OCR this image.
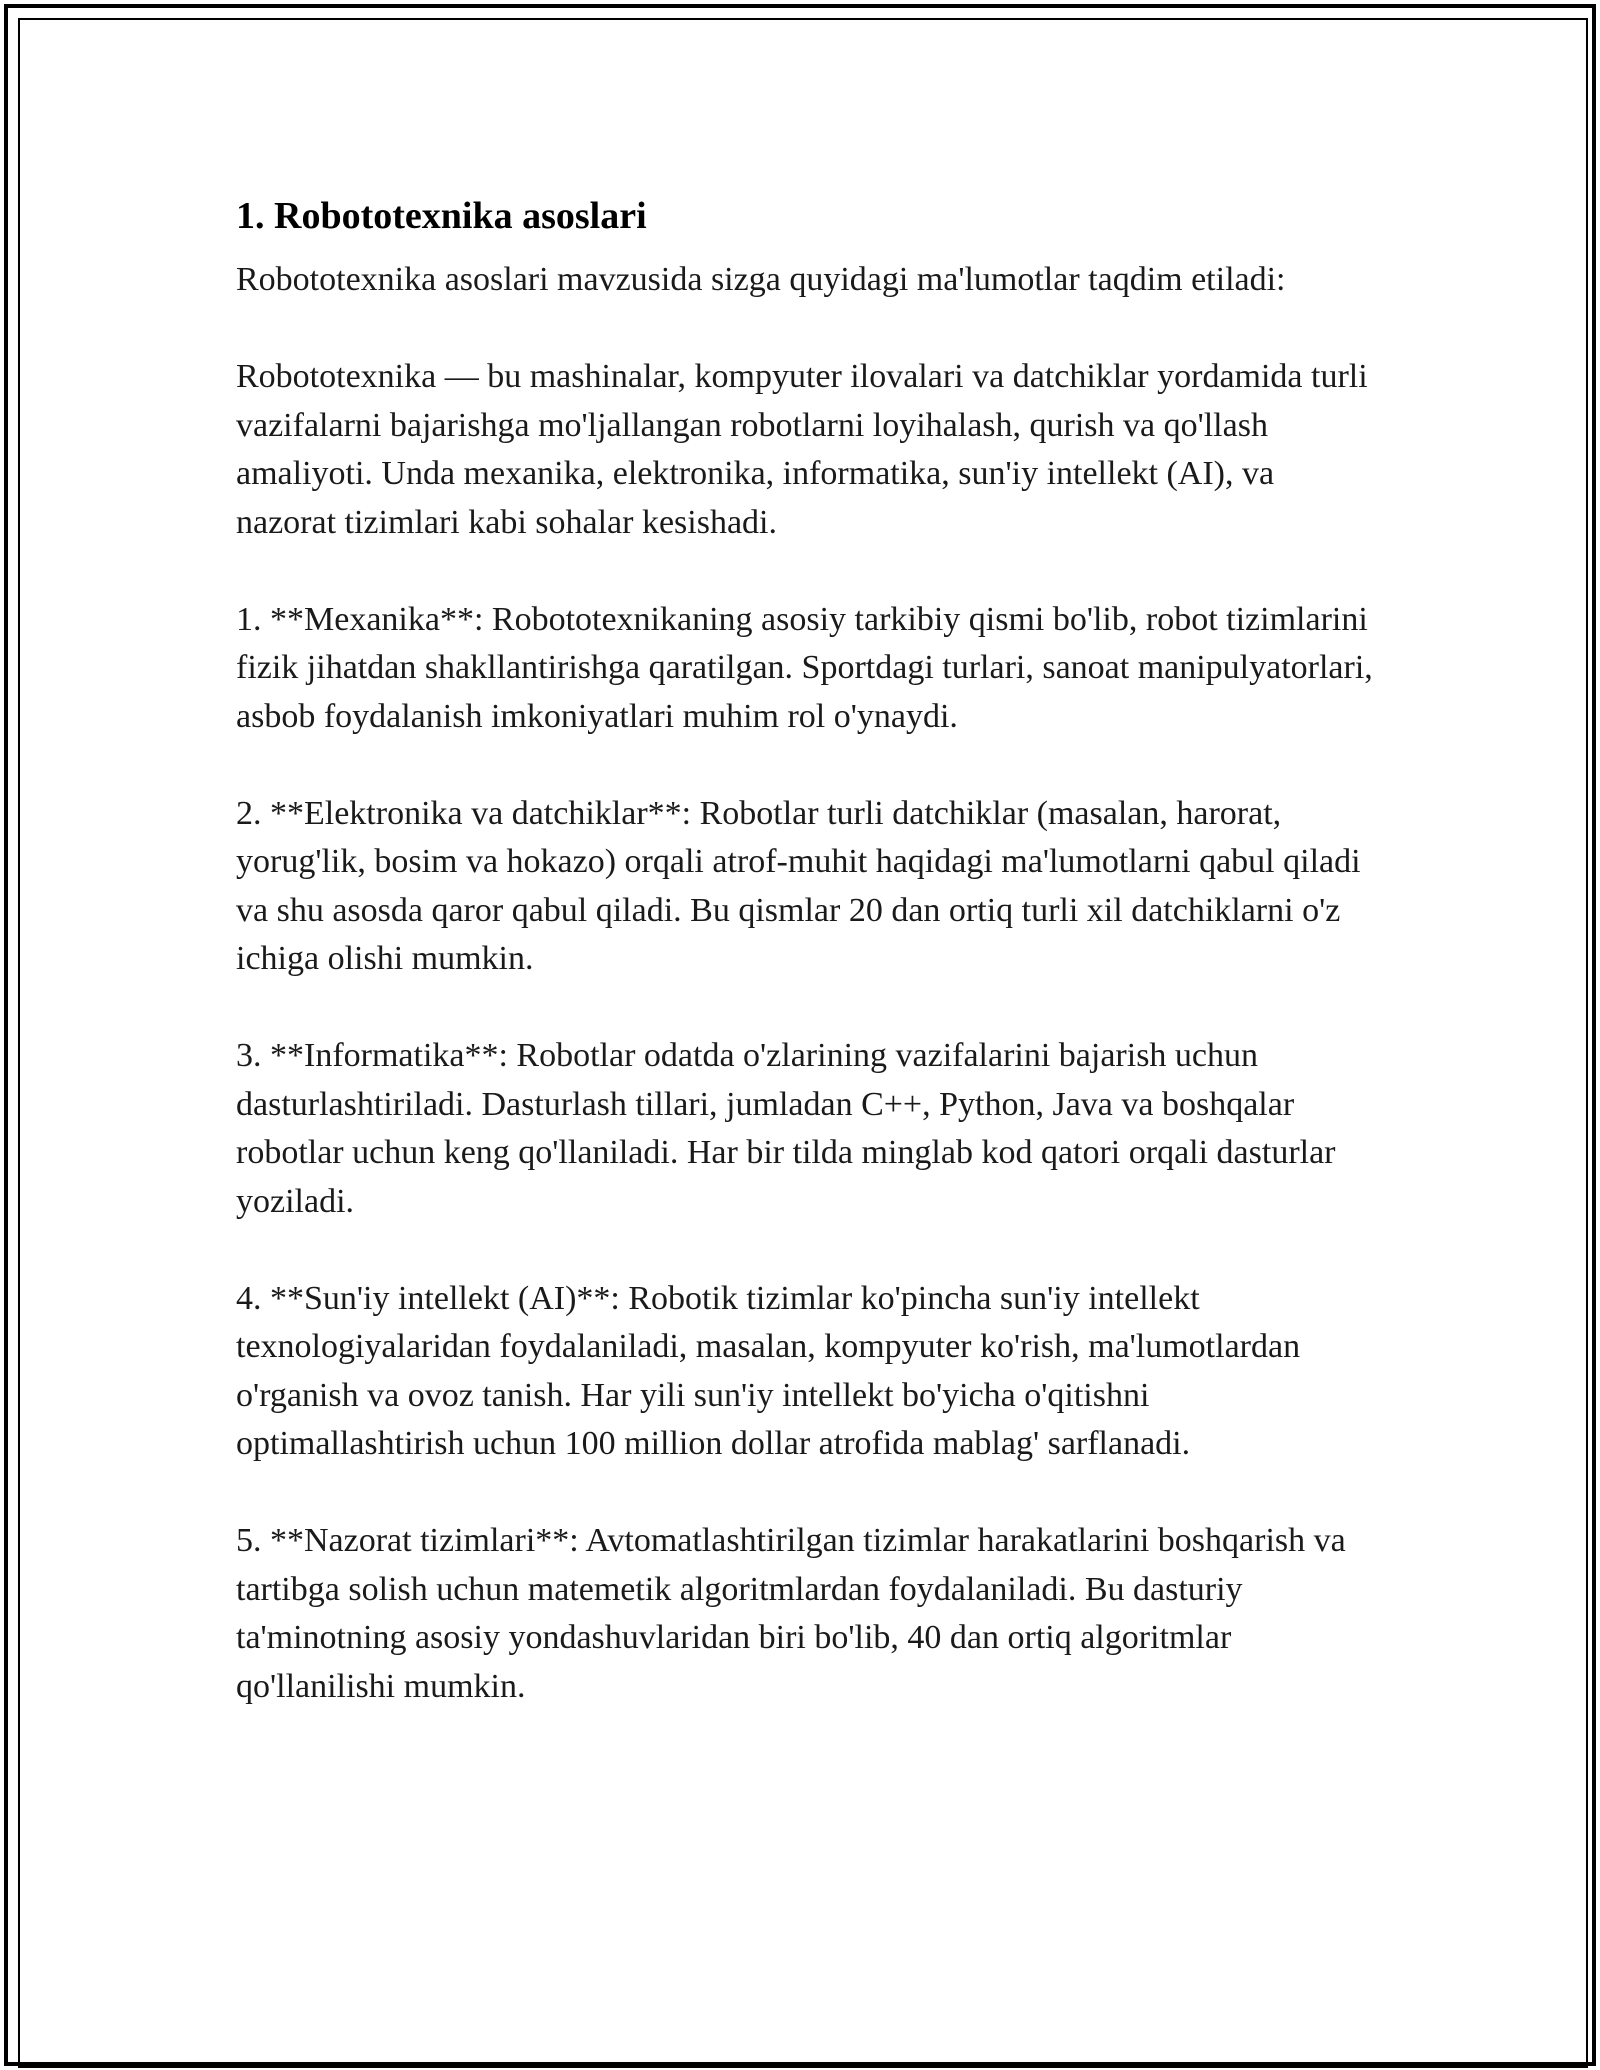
1. Robototexnika asoslari

Robototexnika asoslari mavzusida sizga quyidagi ma'lumotlar taqdim etiladi:

Robototexnika — bu mashinalar, kompyuter ilovalari va datchiklar yordamida turli vazifalarni bajarishga mo'ljallangan robotlarni loyihalash, qurish va qo'llash amaliyoti. Unda mexanika, elektronika, informatika, sun'iy intellekt (AI), va nazorat tizimlari kabi sohalar kesishadi.

1. **Mexanika**: Robototexnikaning asosiy tarkibiy qismi bo'lib, robot tizimlarini fizik jihatdan shakllantirishga qaratilgan. Sportdagi turlari, sanoat manipulyatorlari, asbob foydalanish imkoniyatlari muhim rol o'ynaydi.

2. **Elektronika va datchiklar**: Robotlar turli datchiklar (masalan, harorat, yorug'lik, bosim va hokazo) orqali atrof-muhit haqidagi ma'lumotlarni qabul qiladi va shu asosda qaror qabul qiladi. Bu qismlar 20 dan ortiq turli xil datchiklarni o'z ichiga olishi mumkin.

3. **Informatika**: Robotlar odatda o'zlarining vazifalarini bajarish uchun dasturlashtiriladi. Dasturlash tillari, jumladan C++, Python, Java va boshqalar robotlar uchun keng qo'llaniladi. Har bir tilda minglab kod qatori orqali dasturlar yoziladi.

4. **Sun'iy intellekt (AI)**: Robotik tizimlar ko'pincha sun'iy intellekt texnologiyalaridan foydalaniladi, masalan, kompyuter ko'rish, ma'lumotlardan o'rganish va ovoz tanish. Har yili sun'iy intellekt bo'yicha o'qitishni optimallashtirish uchun 100 million dollar atrofida mablag' sarflanadi.

5. **Nazorat tizimlari**: Avtomatlashtirilgan tizimlar harakatlarini boshqarish va tartibga solish uchun matemetik algoritmlardan foydalaniladi. Bu dasturiy ta'minotning asosiy yondashuvlaridan biri bo'lib, 40 dan ortiq algoritmlar qo'llanilishi mumkin.
